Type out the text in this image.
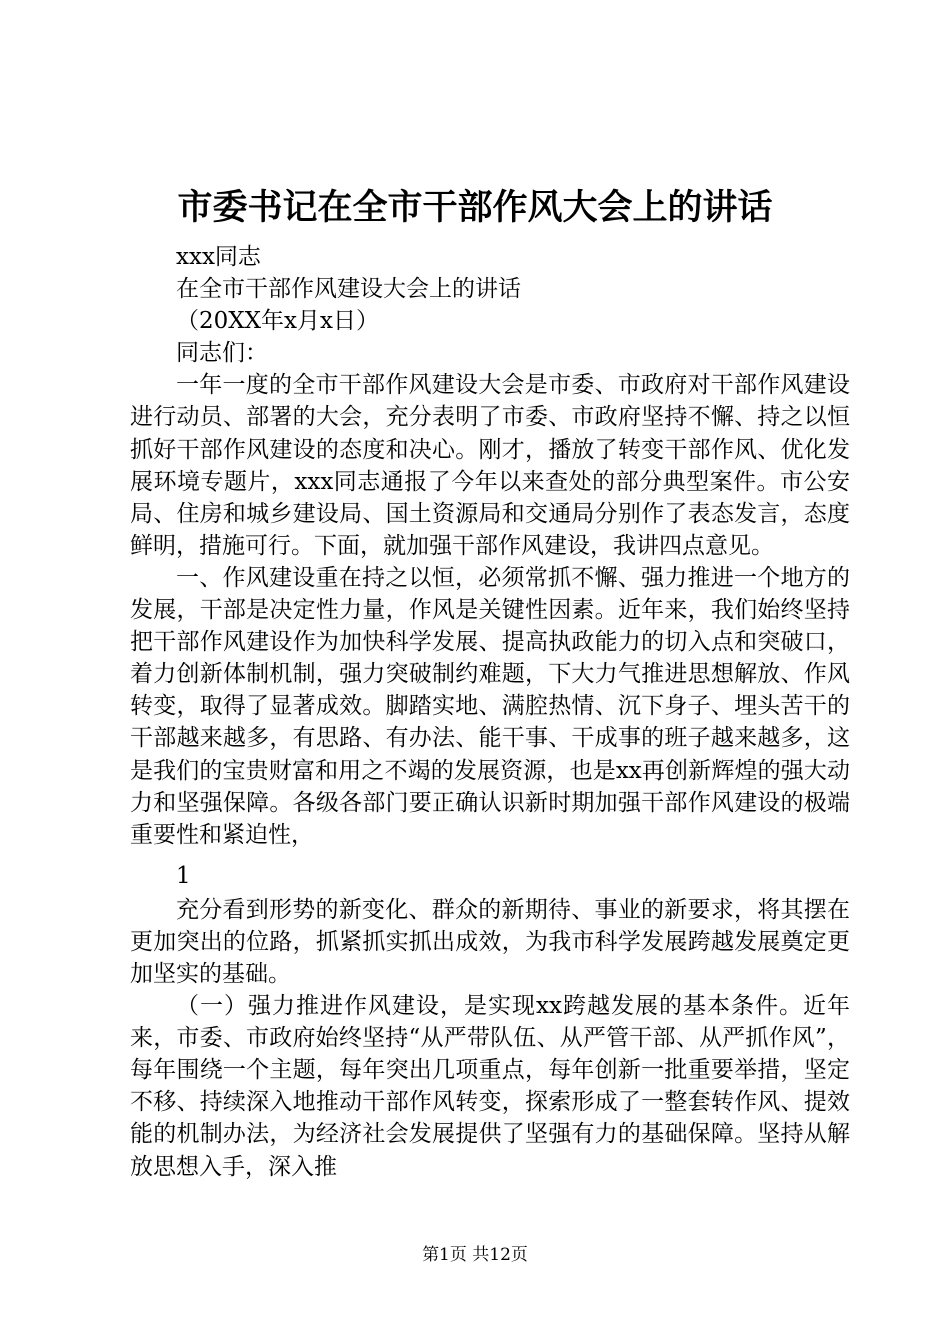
市委书记在全市干部作风大会上的讲话

xxx同志

在全市干部作风建设大会上的讲话

（20XX年x月x日）

同志们：

一年一度的全市干部作风建设大会是市委、市政府对干部作风建设进行动员、部署的大会，充分表明了市委、市政府坚持不懈、持之以恒抓好干部作风建设的态度和决心。刚才，播放了转变干部作风、优化发展环境专题片，xxx同志通报了今年以来查处的部分典型案件。市公安局、住房和城乡建设局、国土资源局和交通局分别作了表态发言，态度鲜明，措施可行。下面，就加强干部作风建设，我讲四点意见。

一、作风建设重在持之以恒，必须常抓不懈、强力推进一个地方的发展，干部是决定性力量，作风是关键性因素。近年来，我们始终坚持把干部作风建设作为加快科学发展、提高执政能力的切入点和突破口，着力创新体制机制，强力突破制约难题，下大力气推进思想解放、作风转变，取得了显著成效。脚踏实地、满腔热情、沉下身子、埋头苦干的干部越来越多，有思路、有办法、能干事、干成事的班子越来越多，这是我们的宝贵财富和用之不竭的发展资源，也是xx再创新辉煌的强大动力和坚强保障。各级各部门要正确认识新时期加强干部作风建设的极端重要性和紧迫性，

1

充分看到形势的新变化、群众的新期待、事业的新要求，将其摆在更加突出的位路，抓紧抓实抓出成效，为我市科学发展跨越发展奠定更加坚实的基础。

（一）强力推进作风建设，是实现xx跨越发展的基本条件。近年来，市委、市政府始终坚持“从严带队伍、从严管干部、从严抓作风”，每年围绕一个主题，每年突出几项重点，每年创新一批重要举措，坚定不移、持续深入地推动干部作风转变，探索形成了一整套转作风、提效能的机制办法，为经济社会发展提供了坚强有力的基础保障。坚持从解放思想入手，深入推

第1页 共12页
